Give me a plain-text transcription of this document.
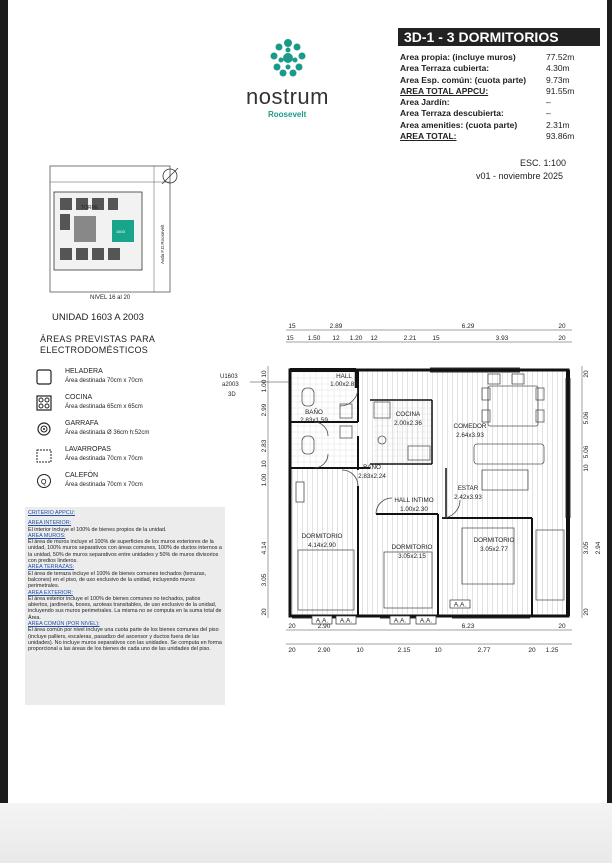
nostrum
Roosevelt
3D-1 - 3 DORMITORIOS
Area propia: (incluye muros)	77.52m
Area Terraza cubierta:	4.30m
Area Esp. común: (cuota parte) 9.73m
AREA TOTAL APPCU:	91.55m
Area Jardín:	–
Area Terraza descubierta:	–
Area amenities: (cuota parte)	2.31m
AREA TOTAL:	93.86m
ESC. 1:100
v01 - noviembre 2025
TORRE
1603	Avda F.D.Roosevelt
NIVEL 16 al 20
UNIDAD 1603 A 2003
ÁREAS PREVISTAS PARA ELECTRODOMÉSTICOS
HELADERA
Área destinada 70cm x 70cm
COCINA
Área destinada 65cm x 65cm
GARRAFA
Área destinada Ø 36cm h:52cm
LAVARROPAS
Área destinada 70cm x 70cm
Q
CALEFÓN
Área destinada 70cm x 70cm

CRITERIO APPCU:

AREA INTERIOR:

El interior incluye el 100% de bienes propios de la unidad.

AREA MUROS:

El área de muros incluye el 100% de superficies de los muros exteriores de la unidad, 100% muros separativos con áreas comunes, 100% de ductos internos a la unidad, 50% de muros separativos entre unidades y 50% de muros divisorios con predios linderos.

AREA TERRAZAS:

El área de terraza incluye el 100% de bienes comunes techados (terrazas, balcones) en el piso, de uso exclusivo de la unidad, incluyendo muros perimetrales.

AREA EXTERIOR:

El área exterior incluye el 100% de bienes comunes no techados, patios abiertos, jardinería, boxes, azoteas transitables, de uso exclusivo de la unidad, incluyendo sus muros perimetrales. La misma no se computa en la suma total de Área.

AREA COMÚN (POR NIVEL):

El área común por nivel incluye una cuota parte de los bienes comunes del piso (incluye palliers, escaleras, pasadizo del ascensor y ductos fuera de las unidades). No incluye muros separativos con las unidades. Se computa en forma proporcional a las áreas de los bienes de cada uno de las unidades del piso.

A.A. A.A.	A.A. A.A.
A.A.
HALL
1.00x2.83
BAÑO
2.83x1.59
COCINA
2.00x2.36	COMEDOR
2.64x3.93
BAÑO
2.83x2.24
ESTAR
2.42x3.93
HALL INTIMO
1.00x2.30
DORMITORIO
4.14x2.90	DORMITORIO
3.05x2.15
DORMITORIO
3.05x2.77
U1603
a2003
3D
15	2.89	6.29	20
15 1.50 12 1.20 12	2.21 15	3.93	20
20	2.90	6.23	20
20	2.90	10	2.15	10	2.77	20 1.25
10
1.00
2.99
2.83
10
1.00
4.14
3.05
20
20
5.06
5.06
10
3.05 2.94
20
